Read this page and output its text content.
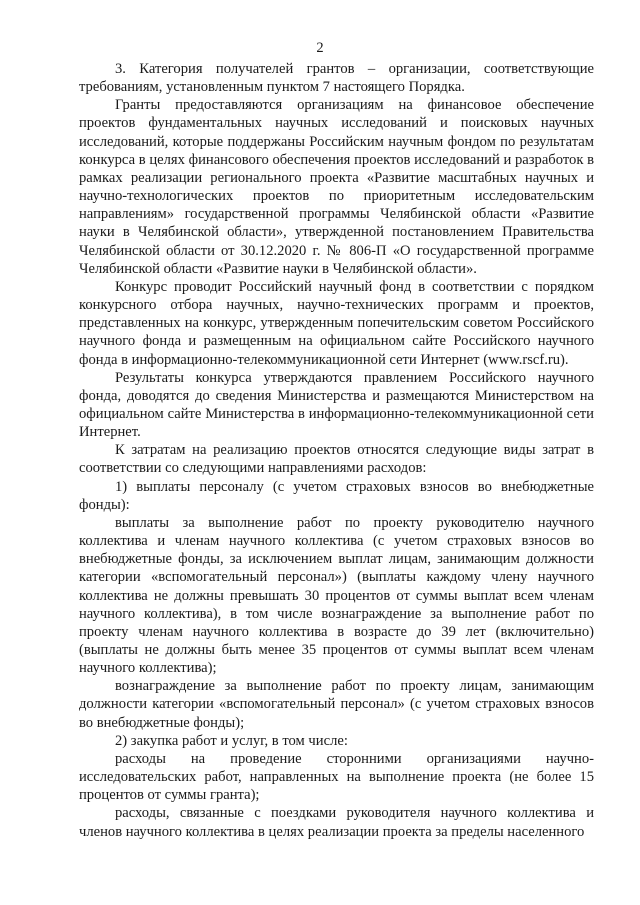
2

3. Категория получателей грантов – организации, соответствующие требованиям, установленным пунктом 7 настоящего Порядка.

Гранты предоставляются организациям на финансовое обеспечение проектов фундаментальных научных исследований и поисковых научных исследований, которые поддержаны Российским научным фондом по результатам конкурса в целях финансового обеспечения проектов исследований и разработок в рамках реализации регионального проекта «Развитие масштабных научных и научно-технологических проектов по приоритетным исследовательским направлениям» государственной программы Челябинской области «Развитие науки в Челябинской области», утвержденной постановлением Правительства Челябинской области от 30.12.2020 г. № 806-П «О государственной программе Челябинской области «Развитие науки в Челябинской области».

Конкурс проводит Российский научный фонд в соответствии с порядком конкурсного отбора научных, научно-технических программ и проектов, представленных на конкурс, утвержденным попечительским советом Российского научного фонда и размещенным на официальном сайте Российского научного фонда в информационно-телекоммуникационной сети Интернет (www.rscf.ru).

Результаты конкурса утверждаются правлением Российского научного фонда, доводятся до сведения Министерства и размещаются Министерством на официальном сайте Министерства в информационно-телекоммуникационной сети Интернет.

К затратам на реализацию проектов относятся следующие виды затрат в соответствии со следующими направлениями расходов:

1) выплаты персоналу (с учетом страховых взносов во внебюджетные фонды):

выплаты за выполнение работ по проекту руководителю научного коллектива и членам научного коллектива (с учетом страховых взносов во внебюджетные фонды, за исключением выплат лицам, занимающим должности категории «вспомогательный персонал») (выплаты каждому члену научного коллектива не должны превышать 30 процентов от суммы выплат всем членам научного коллектива), в том числе вознаграждение за выполнение работ по проекту членам научного коллектива в возрасте до 39 лет (включительно) (выплаты не должны быть менее 35 процентов от суммы выплат всем членам научного коллектива);

вознаграждение за выполнение работ по проекту лицам, занимающим должности категории «вспомогательный персонал» (с учетом страховых взносов во внебюджетные фонды);

2) закупка работ и услуг, в том числе:

расходы на проведение сторонними организациями научно-исследовательских работ, направленных на выполнение проекта (не более 15 процентов от суммы гранта);

расходы, связанные с поездками руководителя научного коллектива и членов научного коллектива в целях реализации проекта за пределы населенного
